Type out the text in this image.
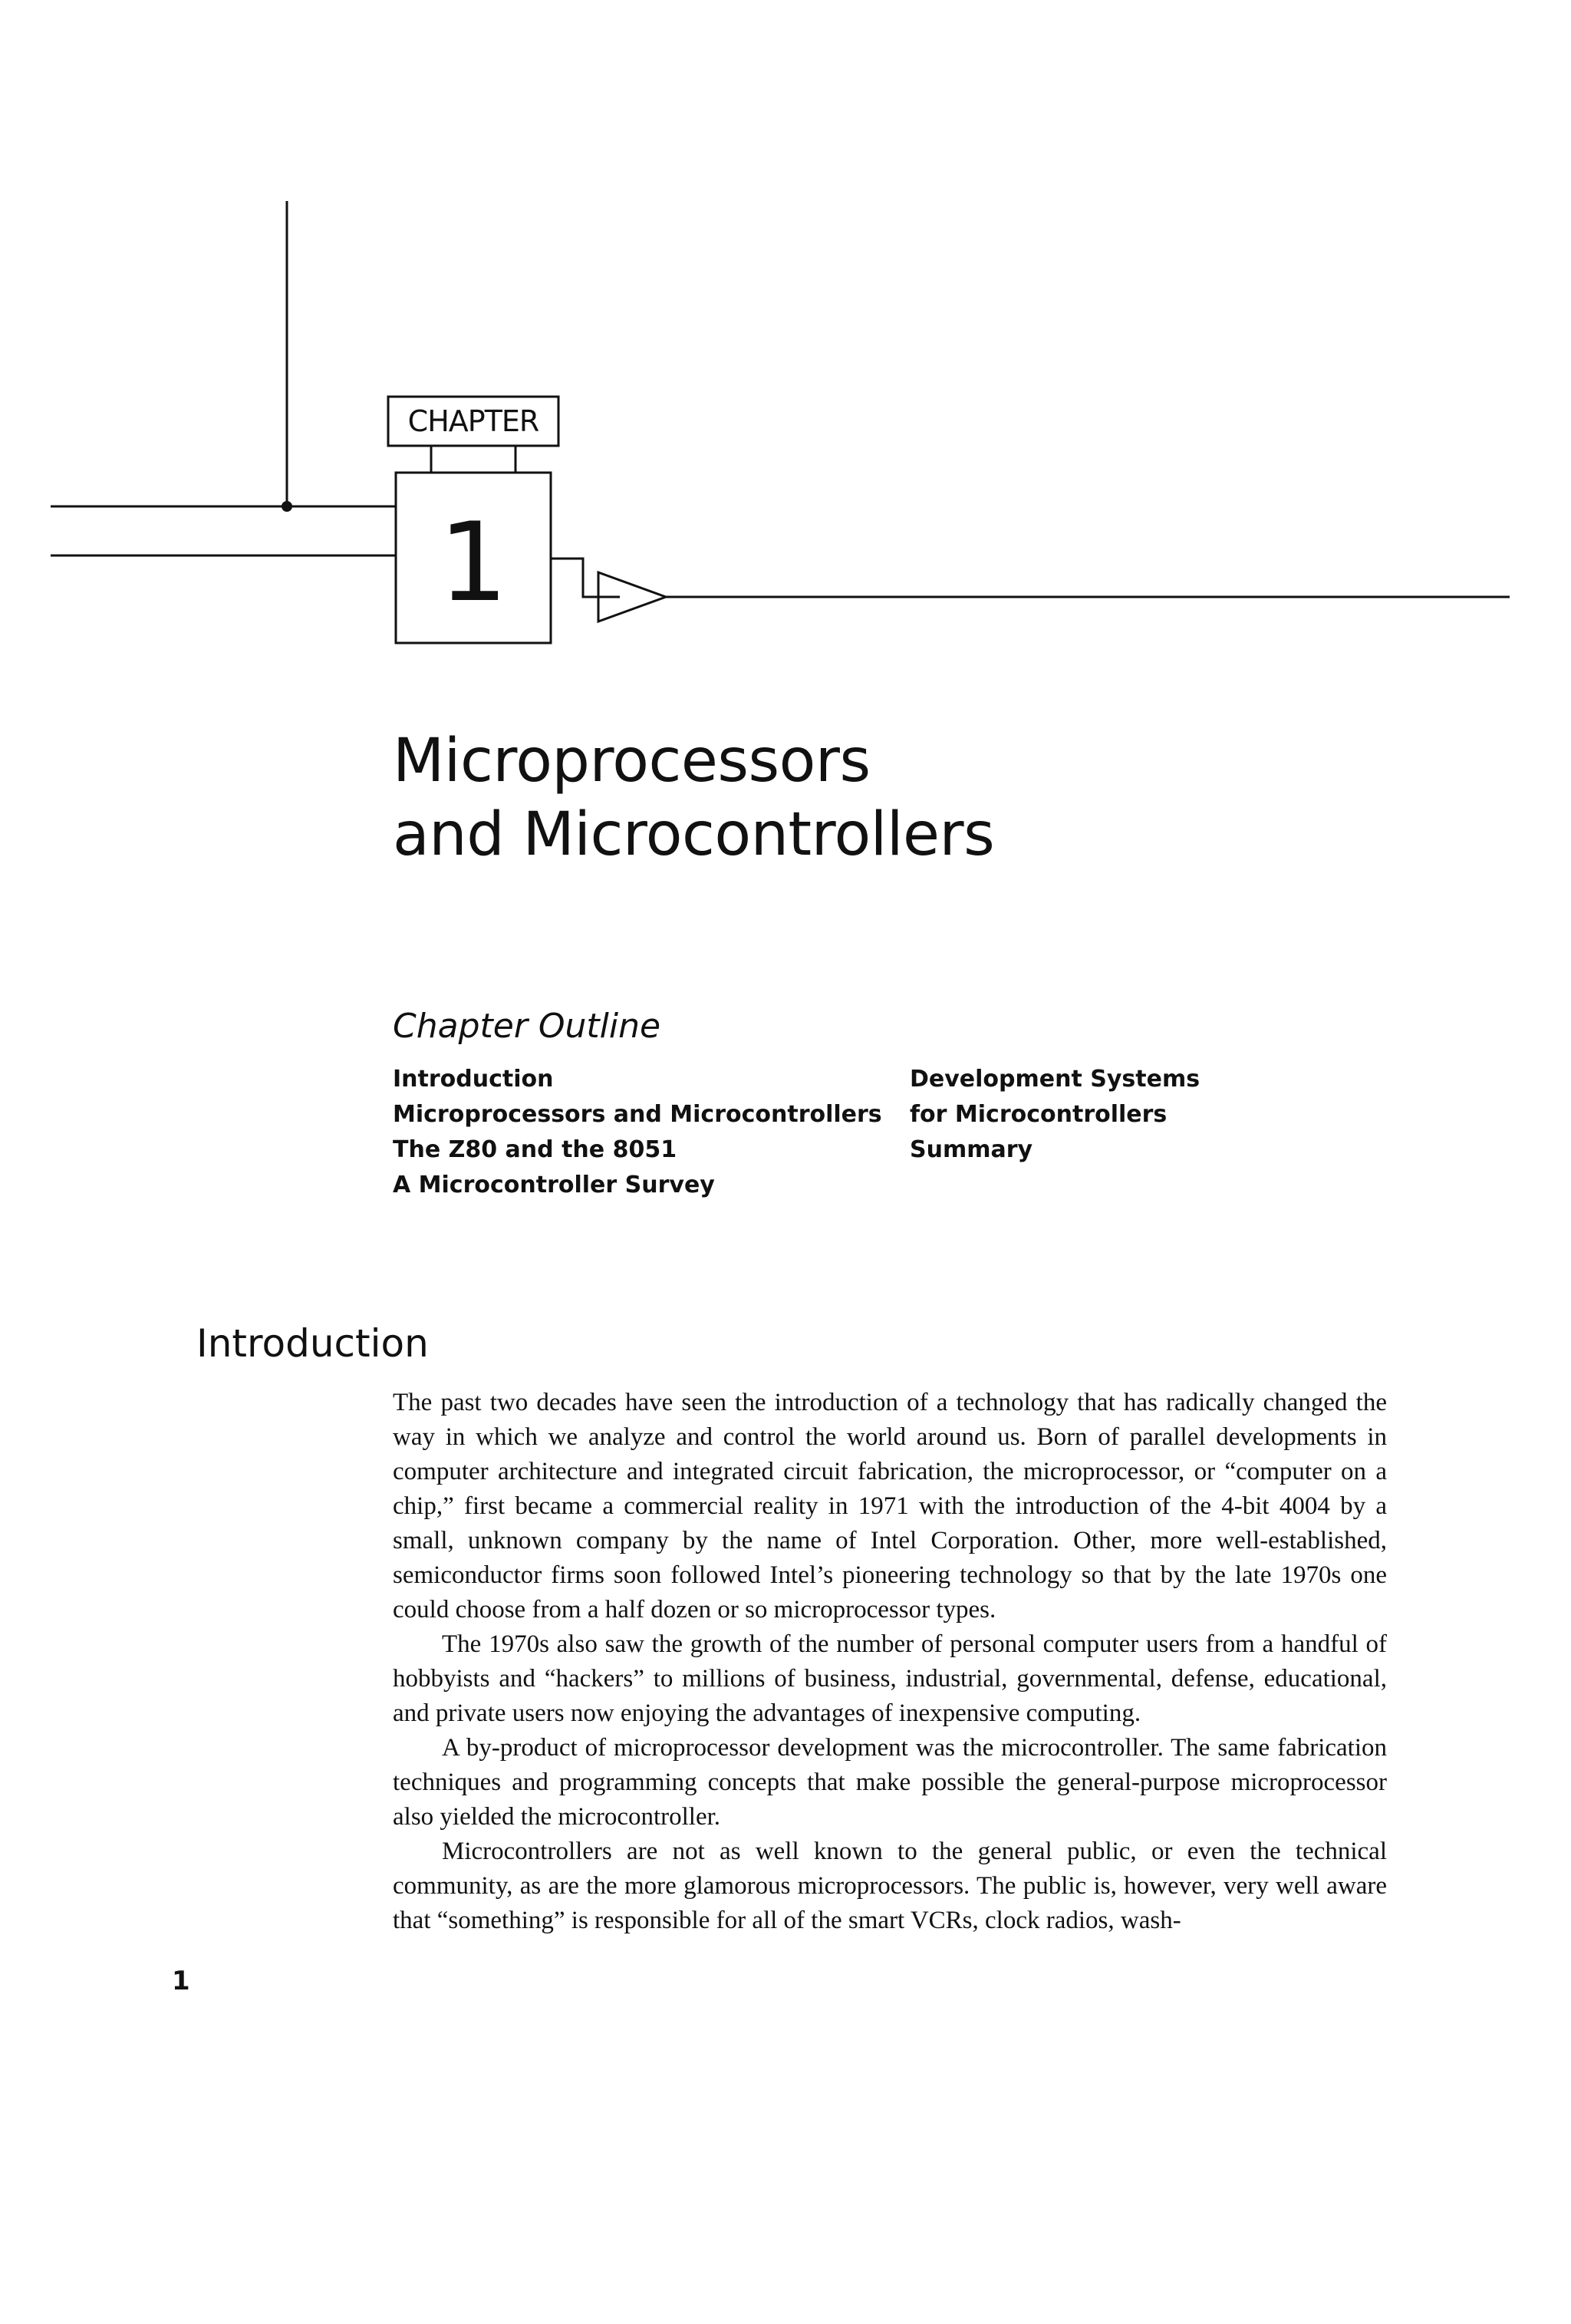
CHAPTER
1
Microprocessors
and Microcontrollers
Chapter Outline
Introduction
Microprocessors and Microcontrollers
The Z80 and the 8051
A Microcontroller Survey
Development Systems
for Microcontrollers
Summary
Introduction

The past two decades have seen the introduction of a technology that has radically changed the way in which we analyze and control the world around us. Born of parallel developments in computer architecture and integrated circuit fabrication, the microprocessor, or “computer on a chip,” first became a commercial reality in 1971 with the introduction of the 4-bit 4004 by a small, unknown company by the name of Intel Corporation. Other, more well-established, semiconductor firms soon followed Intel’s pioneering technology so that by the late 1970s one could choose from a half dozen or so microprocessor types.

The 1970s also saw the growth of the number of personal computer users from a handful of hobbyists and “hackers” to millions of business, industrial, governmental, defense, educational, and private users now enjoying the advantages of inexpensive computing.

A by-product of microprocessor development was the microcontroller. The same fabrication techniques and programming concepts that make possible the general-purpose microprocessor also yielded the microcontroller.

Microcontrollers are not as well known to the general public, or even the technical community, as are the more glamorous microprocessors. The public is, however, very well aware that “something” is responsible for all of the smart VCRs, clock radios, wash-

1
